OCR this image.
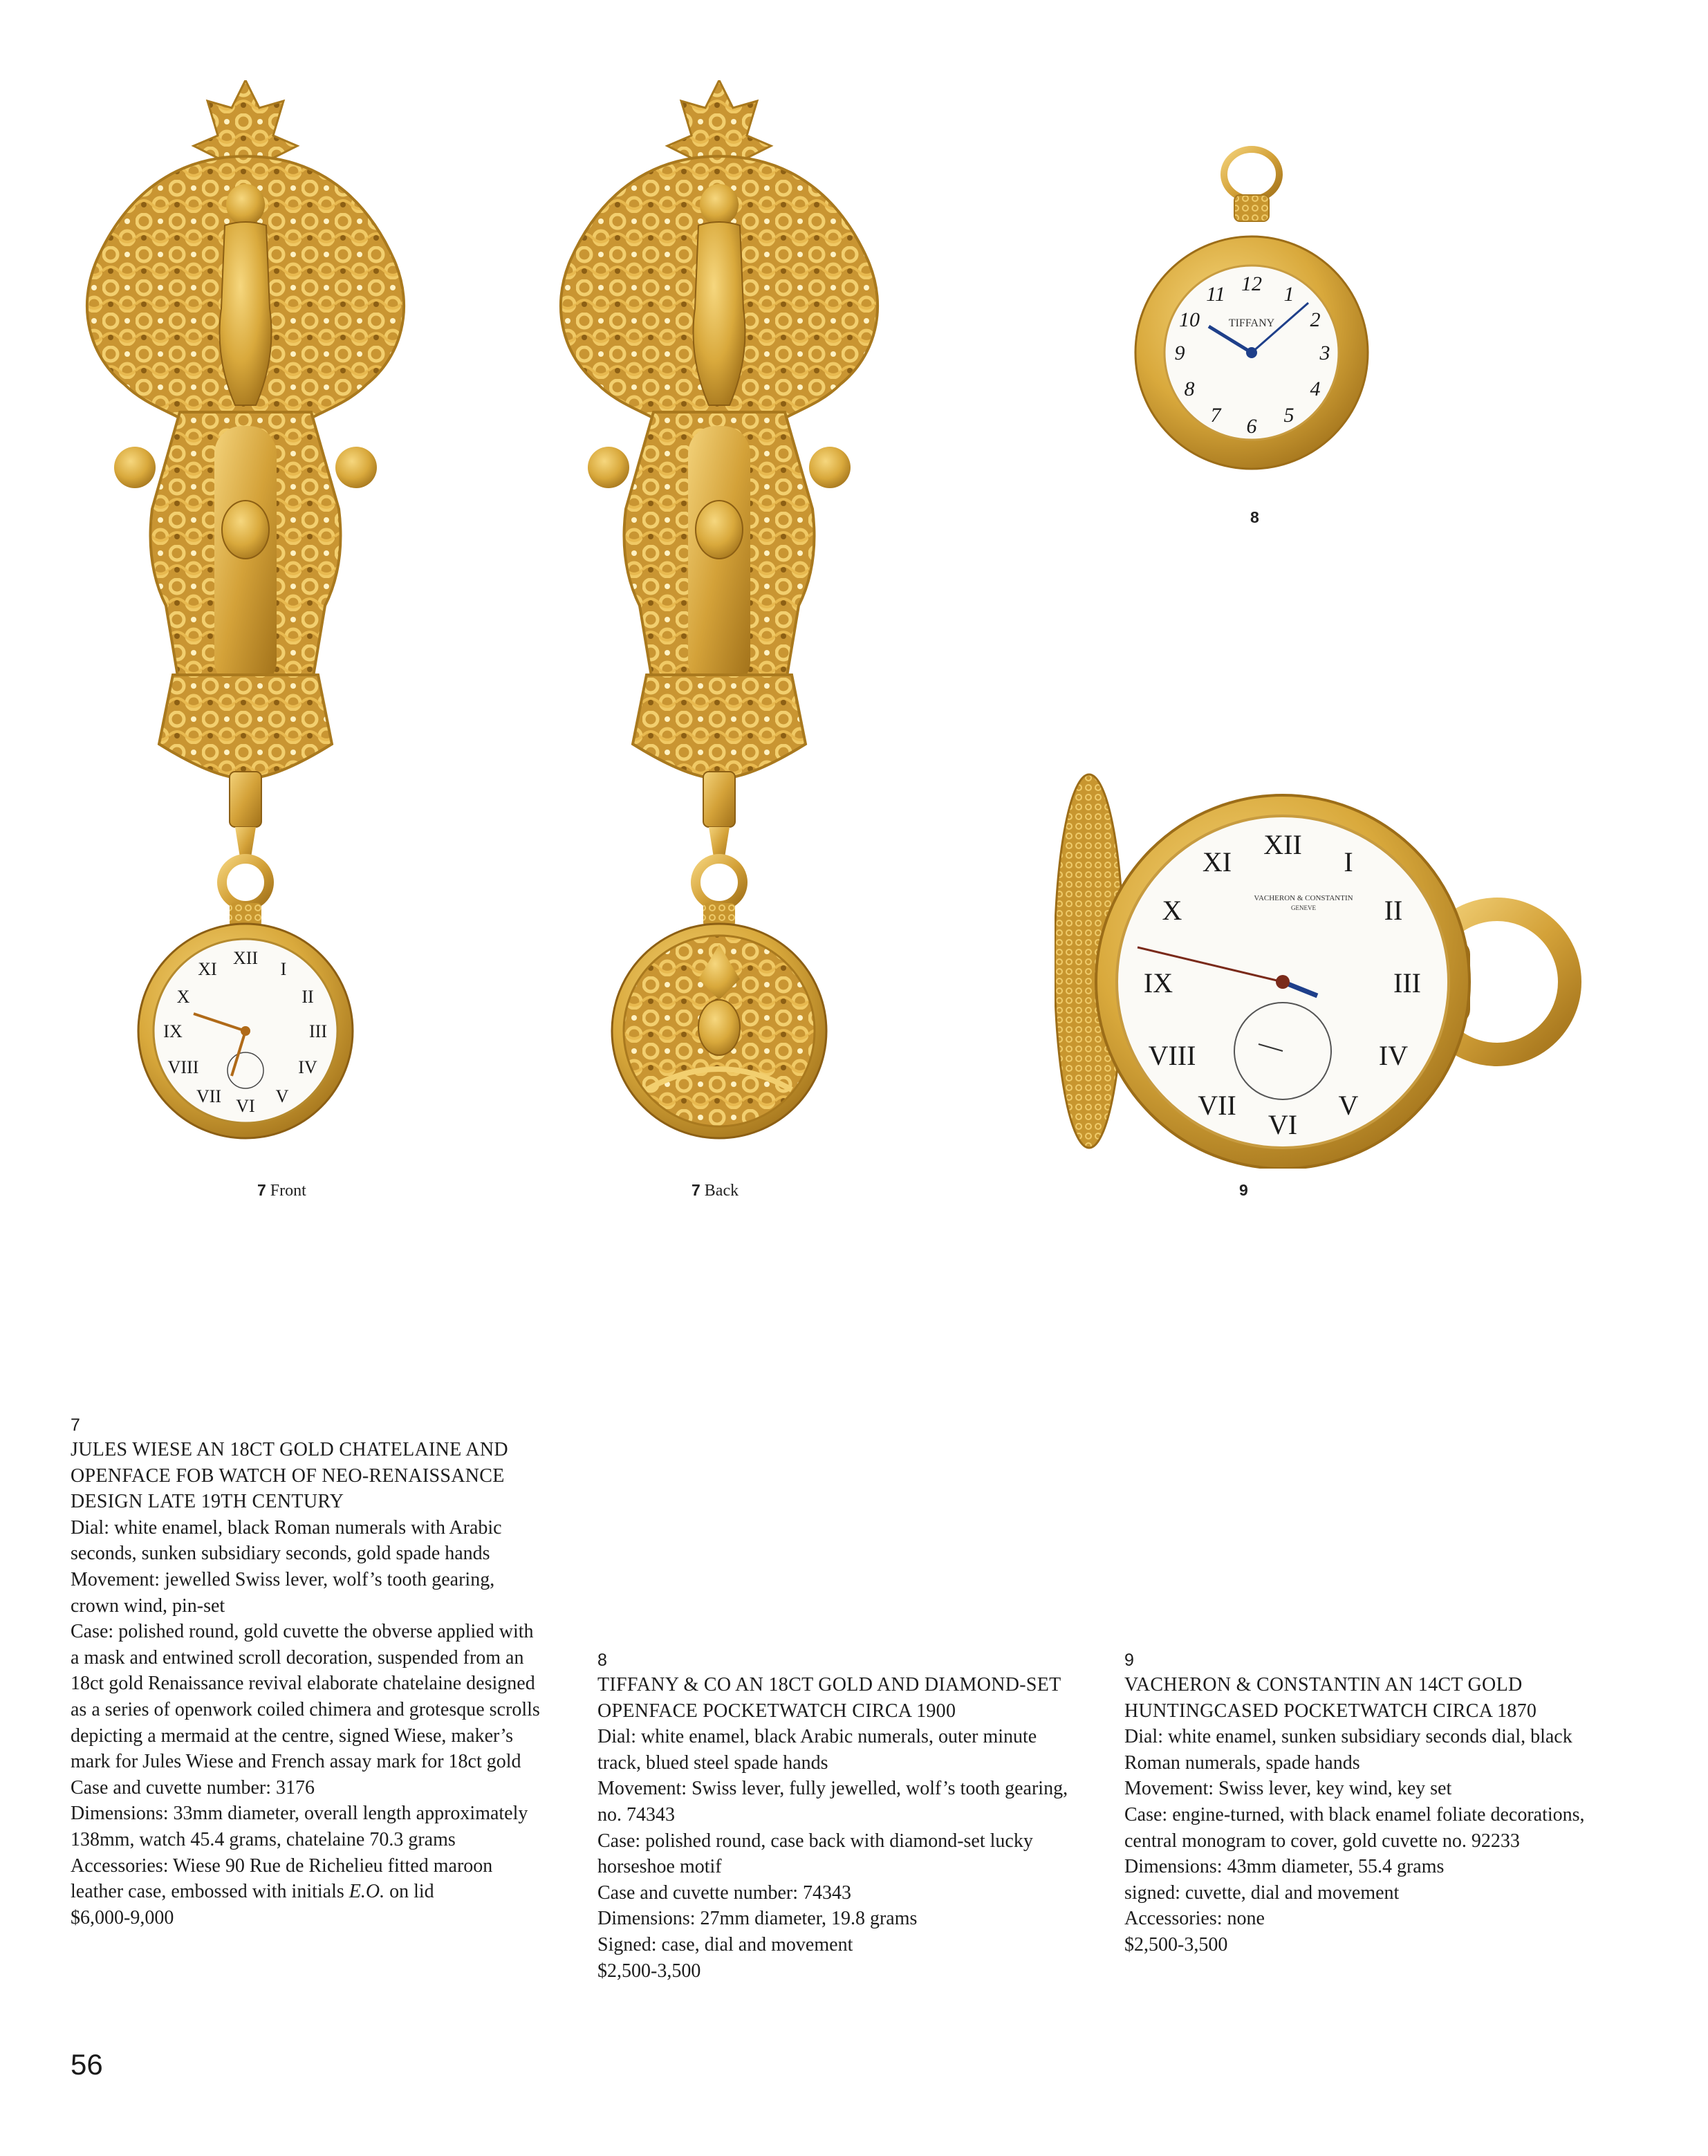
XII
III
VI
IX
I
II
IV
V
VII
VIII
X
XI
12
3
6
9
1
2
4
5
7
8
10
11
TIFFANY
XII
III
VI
IX
I
II
IV
V
VII
VIII
X
XI
VACHERON & CONSTANTIN
GENEVE
7 Front	7 Back
8
9

7

JULES WIESE AN 18CT GOLD CHATELAINE AND OPENFACE FOB WATCH OF NEO-RENAISSANCE DESIGN LATE 19TH CENTURY

Dial: white enamel, black Roman numerals with Arabic seconds, sunken subsidiary seconds, gold spade hands

Movement: jewelled Swiss lever, wolf’s tooth gearing, crown wind, pin-set

Case: polished round, gold cuvette the obverse applied with a mask and entwined scroll decoration, suspended from an 18ct gold Renaissance revival elaborate chatelaine designed as a series of openwork coiled chimera and grotesque scrolls depicting a mermaid at the centre, signed Wiese, maker’s mark for Jules Wiese and French assay mark for 18ct gold

Case and cuvette number: 3176

Dimensions: 33mm diameter, overall length approximately 138mm, watch 45.4 grams, chatelaine 70.3 grams

Accessories: Wiese 90 Rue de Richelieu fitted maroon leather case, embossed with initials E.O. on lid

$6,000-9,000

8

TIFFANY & CO AN 18CT GOLD AND DIAMOND-SET OPENFACE POCKETWATCH CIRCA 1900

Dial: white enamel, black Arabic numerals, outer minute track, blued steel spade hands

Movement: Swiss lever, fully jewelled, wolf’s tooth gearing, no. 74343

Case: polished round, case back with diamond-set lucky horseshoe motif

Case and cuvette number: 74343

Dimensions: 27mm diameter, 19.8 grams

Signed: case, dial and movement

$2,500-3,500

9

VACHERON & CONSTANTIN AN 14CT GOLD HUNTINGCASED POCKETWATCH CIRCA 1870

Dial: white enamel, sunken subsidiary seconds dial, black Roman numerals, spade hands

Movement: Swiss lever, key wind, key set

Case: engine-turned, with black enamel foliate decorations, central monogram to cover, gold cuvette no. 92233

Dimensions: 43mm diameter, 55.4 grams

signed: cuvette, dial and movement

Accessories: none

$2,500-3,500

56
